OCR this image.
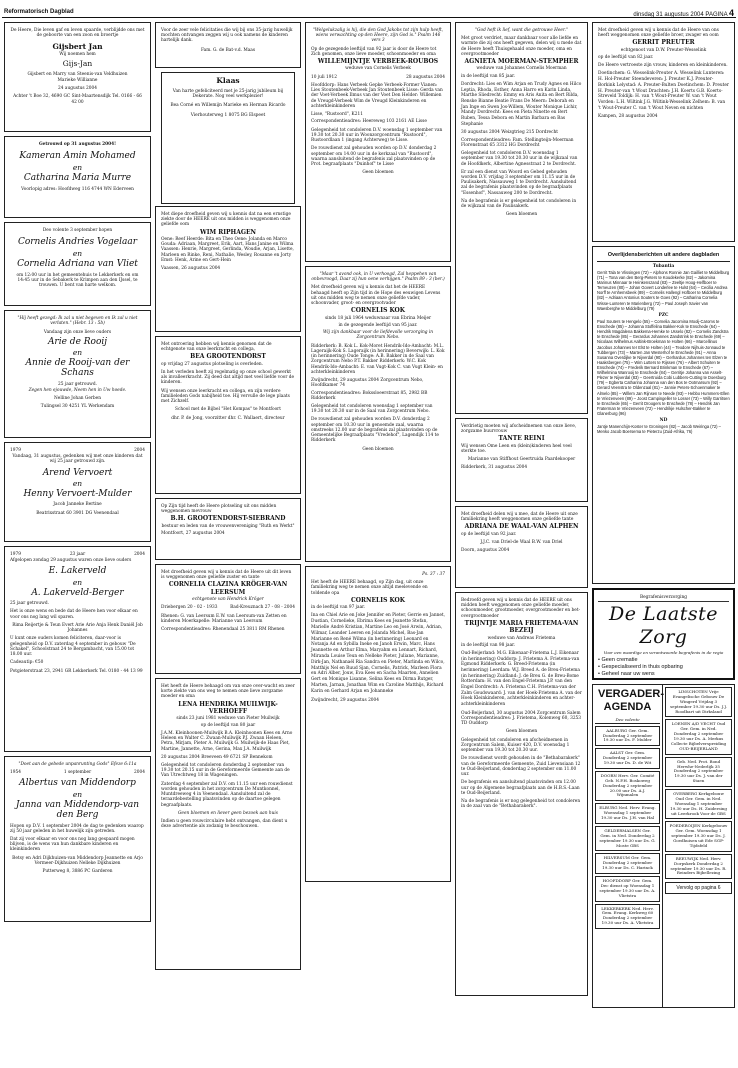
Reformatorisch Dagblad	dinsdag 31 augustus 2004 PAGINA 4

De Heere, Die leven gaf en leven spaarde, verblijdde ons met de geboorte van een zoon en broertje

Gijsbert Jan

Wij noemen hem

Gijs-Jan

Gijsbert en Marry van Steenis-van Veldhuizen

Marieke Willianne

24 augustus 2004

Achter 't Boe 32, 4690 GC Sint-Maartensdijk Tel. 0166 - 66 42 00

Getrouwd op 31 augustus 2004!

Kameran Amin Mohamed

en

Catharina Maria Murre

Voorlopig adres: Hoofdweg 116 4744 WN Ederveen

Deo volente 3 september hopen

Cornelis Andries Vogelaar

en

Cornelia Adriana van Vliet

om 12:00 uur in het gemeentehuis te Lekkerkerk en om 14:45 uur in de Sebakerk te Krimpen aan den IJssel, te trouwen. U bent van harte welkom.

"Hij heeft gezegd: Ik zal u niet begeven en Ik zal u niet verlaten." (Hebr. 13 : 5b)

Vandaag zijn onze lieve ouders

Arie de Rooij

en

Annie de Rooij-van der Schans

25 jaar getrouwd.

Zegen hen ejouwde, Neem hen in Uw hoede.

Nelline Johan Gerben

Tulingsel 30 4251 YL Werkendam

1979	2004

Vandaag, 31 augustus, gedenken wij met onze kinderen dat wij 25 jaar getrouwd zijn.

Arend Vervoert

en

Henny Vervoert-Mulder

Jacob Janneke Bertine

Beatrixstraat 60 3901 DG Veenendaal

1979	23 jaar	2004

Afgelopen zondag 29 augustus waren onze lieve ouders

E. Lakerveld

en

A. Lakerveld-Berger

25 jaar getrouwd.

Het is onze wens en bede dat de Heere hen voor elkaar en voor ons nog lang wil sparen.

Rima Reijertje & Teun Evert Arie Arie Anja Henk Daniël Job Johannes

U kunt onze ouders komen feliciteren, daar-voor is gelegenheid op D.V. zaterdag 4 september in gebouw "De Schakel", Schoolstraat 24 te Bergambacht, van 15.00 tot 18.00 uur.

Cadeautip: €50

Potgieterstraat 23, 2941 GR Lekkerkerk Tel. 0180 - 44 13 99

"Doet aan de gebede unpanrunting Gods" Efeze 6:11a

1954	1 september	2004

Albertus van Middendorp

en

Janna van Middendorp-van den Berg

Hopen op D.V. 1 september 2004 de dag te gedenken waarop zij 50 jaar geleden in het huwelijk zijn getreden.

Dat zij voor elkaar en voor ons nog lang gespaard mogen blijven, is de wens van hun dankbare kinderen en kleinkinderen

Betsy en Adri Dijkhuizen-van Middendorp Jeannette en Arjo Vermeer-Dijkhuizen Nelleke Dijkhuizen

Putterweg 8, 3886 PC Garderen

Voor de zeer vele felicitaties die wij bij ons 35-jarig huwelijk mochten ontvangen zeggen wij u ook namens de kinderen hartelijk dank.

Fam. G. de Bat-v.d. Maas

Klaas

Van harte gefeliciteerd met je 25-jarig jubileum bij Dekerate. Nog veel werkplezier!

Bea Corné en Willemijn Marieke en Herman Ricardo

Vierhouterweg 1 8075 BG Elspeet

Met diepe droefheid geven wij u kennis dat na een ernstige ziekte door de HEERE uit ons midden is weggenomen onze geliefde oom

WIM RIPHAGEN

Oene: Reef Heerde: Bita en Theo Oene: Jolanda en Marco Gouda: Adriaan, Margreet, Erik, Aart, Hans Janine en Wilma Vaassen: Henrie, Margreet, Gerlinda, Woudie, Arjan, Lisette, Marleen en Rinke, Reni, Nathalie, Wesley, Rosanne en Jorty Emst: Henk, Arine en Gert-Hein

Vaassen, 26 augustus 2004

Met ontroering hebben wij kennis genomen dat de echtgenote van onze leerkracht en collega,

BEA GROOTENDORST

op vrijdag 27 augustus plotseling is overleden.

In het verleden heeft zij regelmatig op onze school gewerkt als invalleerkracht. Zij deed dat altijd met veel liefde voor de kinderen.

Wij wensen onze leerkracht en collega, en zijn verdere familieleden Gods nabijheid toe. Hij vervulle de lege plaats met Zichzelf.

School met de Bijbel "Het Kompas" te Montfoort

dhr. P. de Jong, voorzitter dhr. C. Wallaert, directeur

Op Zijn tijd heeft de Heere plotseling uit ons midden weggenomen mevrouw

B.H. GROOTENDORST-SIEBRAND

bestuur en leden van de vrouwenvereniging "Ruth en Werkt"

Montfoort, 27 augustus 2004

Met droefheid geven wij u kennis dat de Heere uit dit leven is weggenomen onze geliefde zuster en tante

CORNELIA CLAZINA KRÖGER-VAN LEERSUM

echtgenote van Hendrick Kröger

Driebergen 20 - 02 - 1933	Bad-Kreuznach 27 - 08 - 2004

Rhenen: G. van Leersum E.W. van Leersum-van Zetten en kinderen Moerkapelle: Marianne van Leersum

Correspondentieadres: Rhenendaal 25 3811 RM Rhenen

Het heeft de Heere behaagd om van onze over-wacht en zeer korte ziekte van ons weg te nemen onze lieve zorgzame moeder en oma

LENA HENDRIKA MUILWIJK-VERHOEFF

sinds 23 juni 1981 weduwe van Pieter Muilwijk

op de leeftijd van 80 jaar

J.A.M. Kleinhoonen-Muilwijk B.A. Kleinhoonen Kees en Arno Heleen en Walter C. Zwaan-Muilwijk P.J. Zwaan Heleen, Petra, Mirjam, Pieter A. Muilwijk G. Muilwijk-de Haas Piet, Martine, Jannette, Arne, Gerina, Max J.A. Muilwijk

20 augustus 2004 Breeveen 49 6721 SP Bennekom

Gelegenheid tot condoleren donderdag 2 september van 19.30 tot 20.15 uur in de Gereformeerde Gemeente aan de Van Utrechtweg 18 in Wageningen.

Zaterdag 4 september zal D.V. om 11.15 uur een rouwdienst worden gehouden in het zorgcentrum De Muntkonnel, Muntdreeweg 4 in Veenendaal. Aansluitend zal de teraardebestelling plaatsvinden op de daartoe gelegen begraafplaats.

Geen bloemen en liever geen bezoek aan huis

Indien u geen rouwcirculaire hebt ontvangen, dan dient u deze advertentie als zodanig te beschouwen.

"Welgelukzalig is hij, die den God Jakobs tot zijn hulp heeft, wiens verwachting op den Heere, zijn God is." Psalm 146 vers 3

Op de gezegende leeftijd van 92 jaar is door de Heere tot Zich genomen, onze lieve moeder, schoonmoeder en oma

WILLEMIJNTJE VERBEEK-ROUBOS

weduwe van Cornelis Verbeek

10 juli 1912	28 augustus 2004

Hoofddorp: Hans Verbeek Gepke Verbeek-Former Vianen: Lies Stoutenbeek-Verbeek Jan Stoutenbeek Lisse: Gerda van der Voet-Verbeek Ilmus van der Voet Den Helder: Willemien de Vreugd-Verbeek Wim de Vreugd Kleinkinderen en achterkleinkinderen

Lisse, "Rustoord", K211

Correspondentieadres: Heereweg 103 2161 AE Lisse

Gelegenheid tot condoleren D.V. woensdag 1 september van 19.30 tot 20.30 uur in Woonzorgcentrum "Rustoord", Rustoordlaan 1 (ingang Achterweg) te Lisse.

De rouwdienst zal gehouden worden op D.V. donderdag 2 september om 14.00 uur in de kerkzaal van "Rustoord", waarna aansluitend de begrafenis zal plaatsvinden op de Prot. begraafplaats "Duinhof" te Lisse

Geen bloemen

"Maar 't avond ook, in U verhoogd, Zal heppehen van onbevroogd, Daar zij hun oene verhijgen." Psalm 89 : 3 (ber.)

Met droefheid geven wij u kennis dat het de HEERE behaagd heeft op Zijn tijd in de Hope des eeuwigen Levens uit ons midden weg te nemen onze geliefde vader, schoonvader, groot- en overgrootvader

CORNELIS KOK

sinds 18 juli 1964 weduwnaar van Ebrina Meijer

in de gezegende leeftijd van 95 jaar.

Wij zijn dankbaar voor de liefdevolle verzorging in Zorgcentrum Nebo.

Ridderkerk: B. Kok L. Kok-Moret Hendrik-Ido-Ambacht: M.L. Lageraijk-Kok S. Lageraijk (in herinnering) Beverwijk: L. Kok (in herinnering) Oude Tonge: A.B. Bakker in de Saal van Zorgcentrum Nebo P.T. Bakker Ridderkerk: W.C. Kok Hendrik-Ido-Ambacht: E. van Vugt-Kok C. van Vugt Klein- en achterkleinkinderen

Zwijndrecht, 29 augustus 2004 Zorgcentrum Nebo, Hoofdkamer 74

Correspondentieadres: Bokssloeerstraat 85, 2982 BB Ridderkerk

Gelegenheid tot condoleren woensdag 1 september van 19.30 tot 20.30 uur in de Saal van Zorgcentrum Nebo.

De rouwdienst zal gehouden worden D.V. donderdag 2 september om 10.30 uur in genoemde zaal, waarna omstreeks 12.00 uur de begrafenis zal plaatsvinden op de Gemeentelijke Begraafplaats "Vredehof", Lagendijk 114 te Ridderkerk

Geen bloemen

Ps. 37 : 37

Het heeft de HEERE behaagd, op Zijn dag, uit onze familiekring weg te nemen onze altijd meelevende en toldende opa

CORNELIS KOK

in de leeftijd van 97 jaar.

Ina en Chiel Arie en Joke Jennifer en Pieter, Gerrie en Jannet, Dustian, Cornelieke, Ebrima Kees en Jeanette Stefan, Marielle André Kristian, Martine Leo en José Arwin, Adrian, Wilmar, Leander Leeren en Jolanda Michel, Bas-Jan Marianne en René Wilma (in herinnering) Leonard en Notanja Ad en Sybilla Ineke en Janoh Erwin, Marc, Hans Jeannette en Arthur Elma, Maryahm en Lennart, Richard, Miranda Louise Teun en Nelleke Pieter, Juliane, Marianne, Dirk-Jan, Nathanaël Ria Sandra en Pieter, Marlinda en Wilco, Matthijs Nel en Ruud Sjan, Cornelis, Patrick, Marleen Flora en Adri Alber, Jouw, Eva Kees en Sacha Maarten, Annelien Gert en Monique Lisanne, Selina Kees en Dirma Rutger, Marten, Jarnan, Jonathan Wim en Caroline Matthijs, Richard Karin en Gerhard Arjan en Johanneke

Zwijndrecht, 29 augustus 2004

"God heft ik lief, want die getrouwe Heer."

Met groot verdriet, maar dankbaar voor alle liefde en warmte die zij ons heeft gegeven, delen wij u mede dat de Heere heeft Thuisgehaald onze moeder, oma en overgrootmoeder

AGNIETA MOERMAN-STEMPHER

weduwe van Johannes Cornelis Moerman

in de leeftijd van 85 jaar.

Dordrecht: Lies en Wim Arjan en Trudy Agnes en Hilco Leptia, Rhoda, Esther, Anna Harro en Karin Linda, Marthe Sliedrecht: Emmy en Aris Anita en Bert Rilda, Renske Bianne Beatie Frans De Meern: Deborah en Jan Inge en Swen Jos-Willem, Wouter Monique Lichir, Mandy Dordrecht: Kees en Pieta Ninette en Bert Ruben, Tessa Debora en Martin Barbara en Bas Stephanie

30 augustus 2004 Weizgtrieg 215 Dordrecht

Correspondentieadres: Fam. Stellingteijn-Moerman Florenstraat 65 3312 HG Dordrecht

Gelegenheid tot condoleren D.V. woensdag 1 september van 19.30 tot 20.30 uur in de wijkzaal van de Hoofdkerk, Albertine Agnesstraat 2 te Dordrecht.

Er zal een dienst van Woord en Gebed gehouden worden D.V. vrijdag 3 september om 11.15 uur in de Paulisakerk, Nassauweg 1 te Dordrecht. Aansluitend zal de begrafenis plaatsvinden op de begraafplaats "Essenhof", Nassauweg 200 te Dordrecht.

Na de begrafenis is er gelegenheid tot condoleren in de wijkzaal van de Paulisakerk.

Geen bloemen

Verdrietig moeten wij afscheidnemen van onze lieve, zorgzame buurvrouw

TANTE REINI

Wij wensen Ome Leen en (klein)kinderen heel veel sterkte toe.

Marianne van Stiffhout Geertruida Paardekooper

Ridderkerk, 31 augustus 2004

Met droefheid delen wij u mee, dat de Heere uit onze familiekring heeft weggenomen onze geliefde tante

ADRIANA DE WAAL-VAN ALPHEN

op de leeftijd van 92 jaar.

J.J.C. van Driel-de Waal B.W. van Driel

Doorn, augustus 2004

Bedroefd geven wij u kennis dat de HEERE uit ons midden heeft weggenomen onze geliefde moeder, schoonmoeder, grootmoeder, overgrootmoeder en bet-overgrootmoeder

TRIJNTJE MARIA FRIETEMA-VAN BEZEIJ

weduwe van Andreas Frietema

in de leeftijd van 98 jaar.

Oud-Beijerland: M.G. Eikenaar-Frietema L.J. Eikenaar (in herinnering) Ouddorp: J. Frietema A. Frietema-van Egmond Ridderkerk: G. Breed-Frietema (in herinnering) Leerdam: W.J. Breed A. de Breu-Frietema (in herinnering) Zuidland: J. de Breu G. de Breu-Bome Rotterdam: H. van den Engel-Frietema J.P. van den Engel Dordrecht: A. Frietema C.H. Frietema-van der Zalm Goudswaard: J. van der Hoek-Frietema A. van der Hoek Kleinkinderen, achterkleinkinderen en achter-achterkleinkinderen

Oud-Beijerland, 30 augustus 2004 Zorgcentrum Salem Correspondentieadres: J. Frietema, Kolenweg 60, 3253 TD Ouddorp

Geen bloemen

Gelegenheid tot condoleren en afscheidnemen in Zorgcentrum Salem, Kuiser 420, D.V. woensdag 1 september van 19.30 tot 20.30 uur.

De rouwdienst wordt gehouden in de "Bethabarakerk" van de Gereformeerde Gemeente, Zuid Lievensiaan 12 te Oud-Beijerland, donderdag 2 september om 11.00 uur.

De begrafenis en aansluitend plaatsvinden om 12.00 uur op de Algemene begraafplaats aan de H.B.S.-Laan te Oud-Beijerland.

Na de begrafenis is er nog gelegenheid tot condoleren in de zaal van de "Bethabarakerk".

Met droefheid geven wij u kennis dat de Heere van ons heeft weggenomen onze geliefde broer, zwager en oom

GERRIT PREUTER

echtgenoot van D.W. Preuter-Wesselink

op de leeftijd van 82 jaar.

De Heere vertroeste zijn vrouw, kinderen en kleinkinderen.

Doetinchem: G. Wesselink-Preuter A. Wesselink Lunteren: H. Hol-Preuter Steendeveren: J. Preuter K.J. Preuter-Borkink Lelystad: A. Preuter-Bulten Doetinchem: D. Preuter H. Preuter-van 't Wout Drachten: J.H. Koerts G.B. Koerts-Streveld Toldijk: H. van 't Wout-Preuter W. van 't Wout Vorden: L.H. Wiltink J.G. Wiltink-Wesselink Zelhem: B. van 't Wout-Preuter C. van 't Wout Neven en nichten

Kampen, 28 augustus 2004

Overlijdensberichten uit andere dagbladen

Tubantia

Gerrit Tala te Vlissingen (72) – Alphons Ronnie Jan Gailliet te Middelburg (71) – Tona van den Berg-Pieters te Koudekerke (82) – Jakomina Marinus Minnaar te Heinkenszand (83) – Zeeltje Hoog-Helfboer te Terneuzen (80) – Johan Govert Londerlee te Hulst (64) – Cecilia Andrea Norff te Arnhemsbeek (89) – Cornelis Hallengl Hofboer te Middelburg (82) – Adriaan Antonius Souters te Goes (92) – Catharina Cornelia Wisse-Lunteren te Marienberg (72) – Paul Joseph Xavier van Waesberghe te Middelburg (79)

PZC

Paul Souters te Hengelo (55) – Cornelia Jacomina Moolj-Caroms te Enschede (85) – Johanna Stoffelina Bakker-Kok te Enschede (64) – Hendrik Magdalena Bakkema-Hemke te Usselo (82) – Cornelis Zandstra te Enschede (85) – Gerardus Johannes Zandstrink te Enschede (69) – Nicolaas Wilhelmus Aaltink-Broekman te Holten (66) – Marcellinus Jacobus Johannes ter Elst te Holten (44) – Teodore Nijhuis-Jonnaud te Tubbergen (73) – Marten Jan Westerhof te Enschede (91) – Anna Susanna Overdijke te Nijverdal (90) – Gerhardus Johannes ten Elzen te Haaksbergen (75) – Wim Lutters te Rijssen (76) – Albert Schuiten te Enschede (74) – Frederik Bernard Brinkman te Enschede (67) – Wilhelmina Wanrooij te Enschede (84) – Gerritje Johanna van Asselt-Plezer te Nijverdal (83) – Geertruida Cobi Lubbers-Cutting te Doesburg (79) – Egberta Catharina Johanna van den Bos te Ootmarsum (92) – Gerard Veenstra te Oldenzaal (81) – Jannie Peters-Schoenmaker te Almelo (85) – Willem Jan Rijnsen te Neede (93) – Hebbo Hummers-Ellen te Vriezenveen (89) – Joost Campingeller te Losser (73) – Willy Garritsen te Enschede (65) – Gerrit Droogers te Enschede (78) – Hendrik Jan Fraterman te Vriezenveen (72) – Hendrikje Hulscher-Bakker te Glanerburg (96)

ND

Jantje Manenchijn-Koster te Groningen (82) – Jacob Weiringa (72) – Menko Jacob Boersema te Pieterzu (Zuid-Afrika, 76)

Begrafenisverzorging

De Laatste Zorg

Voor een waardige en verantwoorde begrafenis in de regio

• Geen crematie
• Gespecialiseerd in thuis opbaring
• Geheel naar uw wens

VERGADER-AGENDA

Deo volente

AALBURG Ger. Gem. Donderdag 2 september 19.30 uur Ds. F. Mulder
AALST Ger. Gem. Donderdag 2 september 19.30 uur Ds. D. de Wit
DOORN Herv. Ger. Comité Geb. N.P.H. Boskoweg Donderdag 2 september 20.00 uur Ds. A.J. Wijnmalen
ELBURG Ned. Herv. Evang. Woensdag 1 september 19.30 uur Ds. J.H. van Hal
GELDERMALSEN Ger. Gem. in Ned. Donderdag 2 september 19.30 uur Ds. G. Moste GBS
HILVERSUM Ger. Gem. Donderdag 2 september 19.30 uur Ds. C. Harinck
HOOFDDORP Ger. Gem. Dec dienst op Woensdag 1 september 19.30 uur Ds. A. Vlietstra
LEKKERKERK Ned. Herv. Gem. Evang. Kerkweg 60 Donderdag 2 september 19.30 uur Ds. A. Vlietstra
LINSCHOTEN Vrije Evangelische Gebouw De Wingerd Vrijdag 3 september 19.30 uur Ds. J.J. Roodbart uit Dirksland
LOENEN A/D VECHT Oud Ger. Gem. in Ned. Donderdag 2 september 19.30 uur Ds. A. Merkus Collecte Bijbelverspreiding OUD-BEIJERLAND
Geb. Ned. Prot. Bond Herwhe-Nederlijk 35 Donderdag 2 september 19.30 uur Ds. J. van der Staen
OVERBERG Kerkgebouw Oud Ger. Gem. in Ned. Woensdag 1 september 19.30 uur Ds. H. Zuidersing uit Leerkrook Voor de GBS
POEDEROIJEN Kerkgebouw Ger. Gem. Woensdag 1 september 19.30 uur Ds. J. Goedhuisen uit Ede SGP-Tijdsfeld
REEUWIJK Ned. Herv. Dorpskerk Donderdag 2 september 19.30 uur Ds. R. Reinders Bijbellezing
Vervolg op pagina 6
